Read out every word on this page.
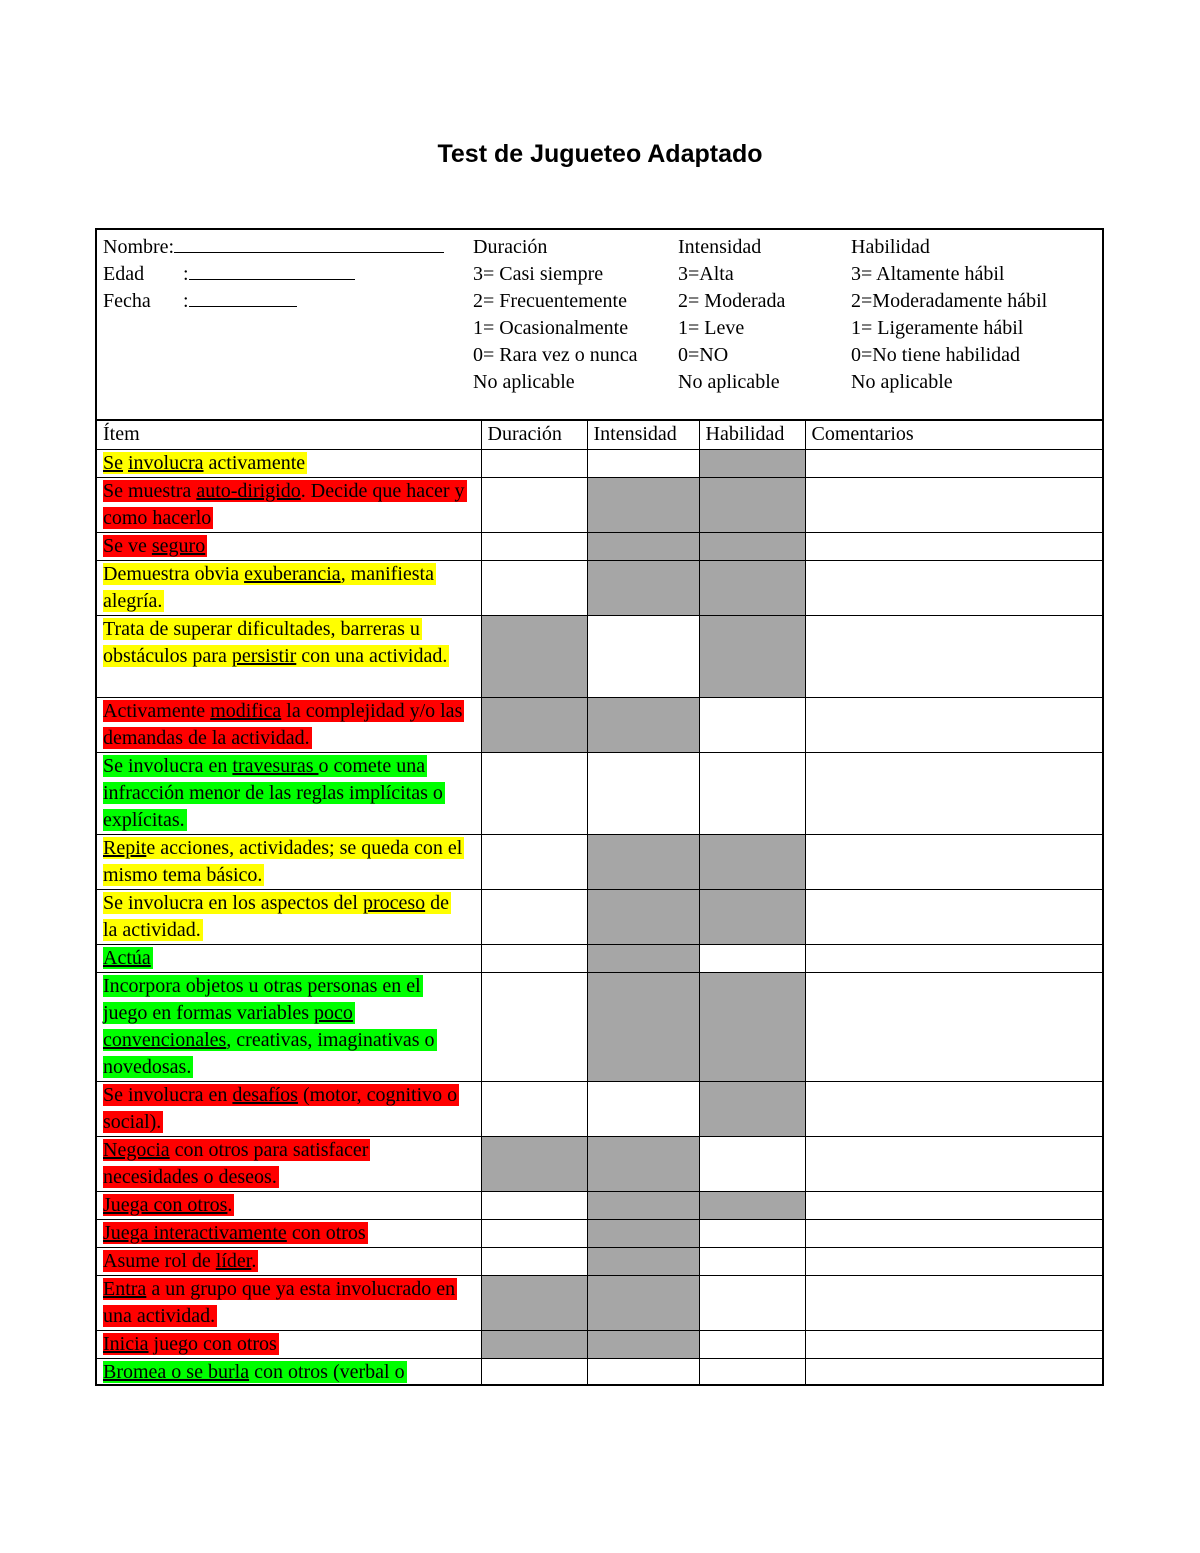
Test de Jugueteo Adaptado
Nombre:
Edad :
Fecha :
Duración
3= Casi siempre
2= Frecuentemente
1= Ocasionalmente
0= Rara vez o nunca
No aplicable
Intensidad
3=Alta
2= Moderada
1= Leve
0=NO
No aplicable
Habilidad
3= Altamente hábil
2=Moderadamente hábil
1= Ligeramente hábil
0=No tiene habilidad
No aplicable
Ítem	Duración	Intensidad	Habilidad	Comentarios

Se involucra activamente				

Se muestra auto-dirigido. Decide que hacer y como hacerlo				

Se ve seguro				

Demuestra obvia exuberancia, manifiesta alegría.				

Trata de superar dificultades, barreras u obstáculos para persistir con una actividad.				

Activamente modifica la complejidad y/o las demandas de la actividad.				

Se involucra en travesuras o comete una infracción menor de las reglas implícitas o explícitas.				

Repite acciones, actividades; se queda con el mismo tema básico.				

Se involucra en los aspectos del proceso de la actividad.				

Actúa				

Incorpora objetos u otras personas en el juego en formas variables poco convencionales, creativas, imaginativas o novedosas.				

Se involucra en desafíos (motor, cognitivo o social).				

Negocia con otros para satisfacer necesidades o deseos.				

Juega con otros.				

Juega interactivamente con otros				

Asume rol de líder.				

Entra a un grupo que ya esta involucrado en una actividad.				

Inicia juego con otros				

Bromea o se burla con otros (verbal o				
